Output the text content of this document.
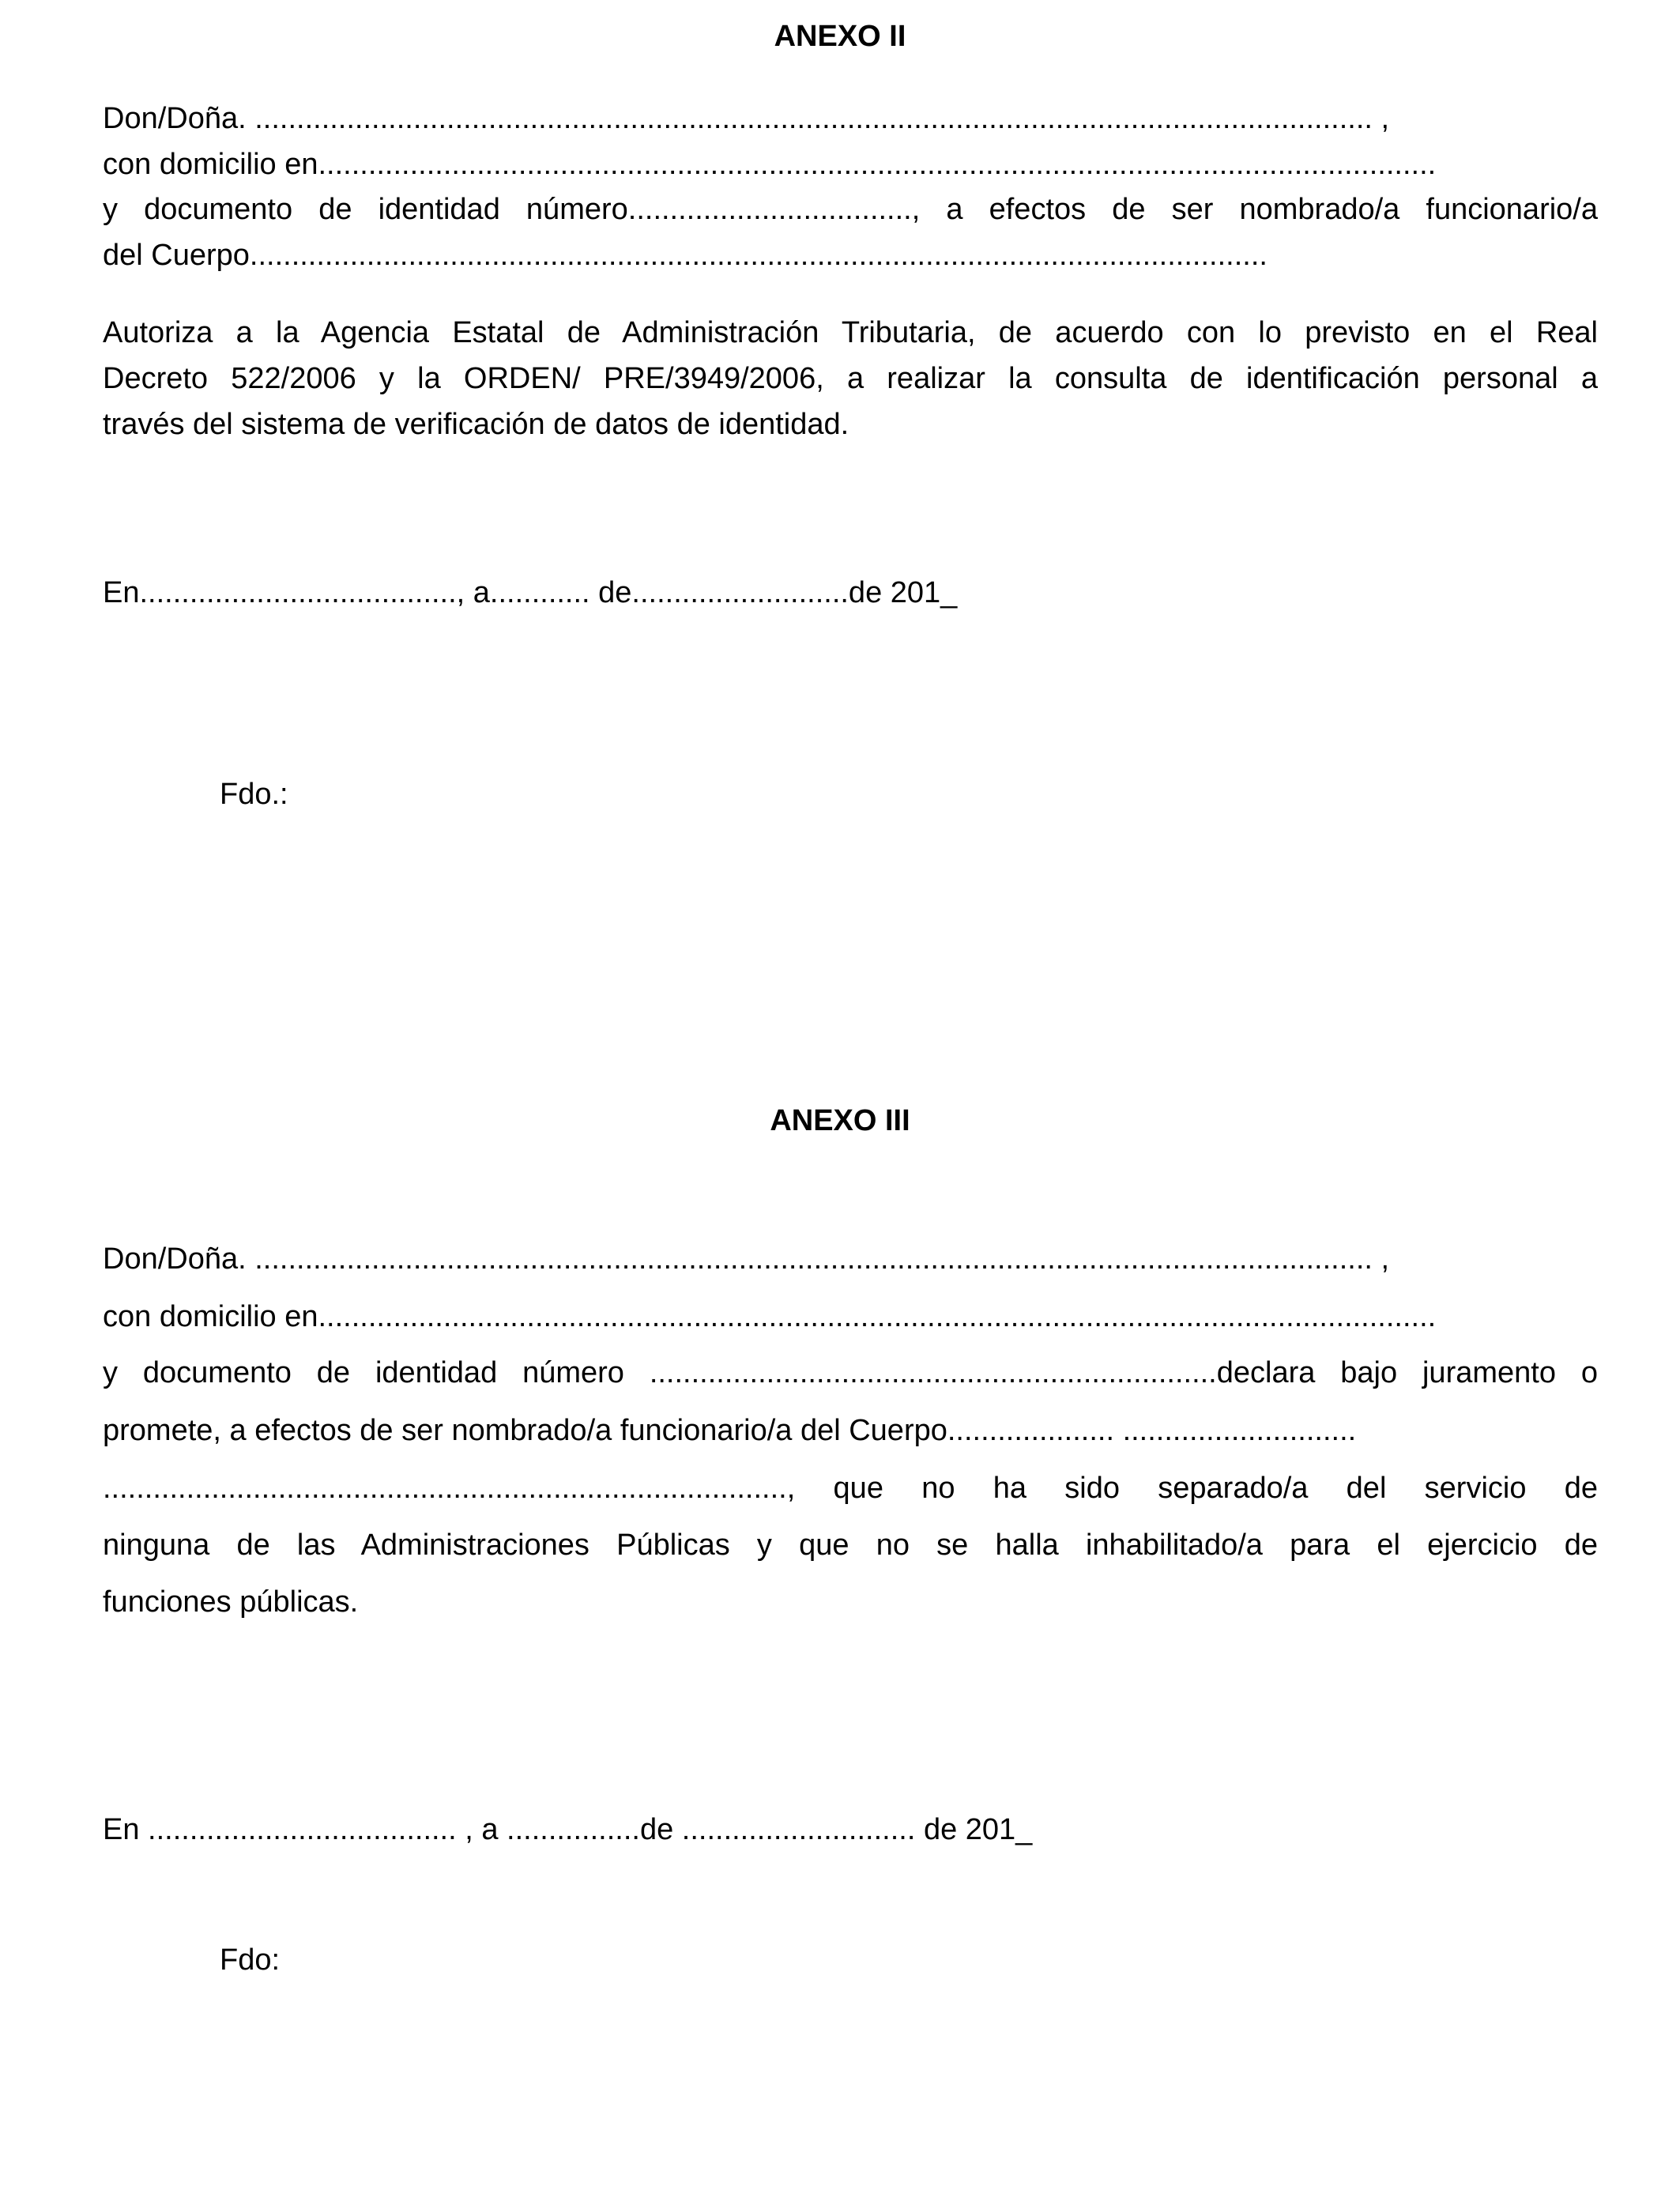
ANEXO II

Don/Doña. ...................................................................................................................................... ,

con domicilio en......................................................................................................................................

y documento de identidad número.................................., a efectos de ser nombrado/a funcionario/a

del Cuerpo..........................................................................................................................

Autoriza a la Agencia Estatal de Administración Tributaria, de acuerdo con lo previsto en el Real

Decreto 522/2006 y la ORDEN/ PRE/3949/2006, a realizar la consulta de identificación personal a

través del sistema de verificación de datos de identidad.

En......................................, a............ de..........................de 201_

Fdo.:

ANEXO III

Don/Doña. ...................................................................................................................................... ,

con domicilio en......................................................................................................................................

y documento de identidad número ....................................................................declara bajo juramento o

promete, a efectos de ser nombrado/a funcionario/a del Cuerpo.................... ............................

.................................................................................., que no ha sido separado/a del servicio de

ninguna de las Administraciones Públicas y que no se halla inhabilitado/a para el ejercicio de

funciones públicas.

En ..................................... , a ................de ............................ de 201_

Fdo:
